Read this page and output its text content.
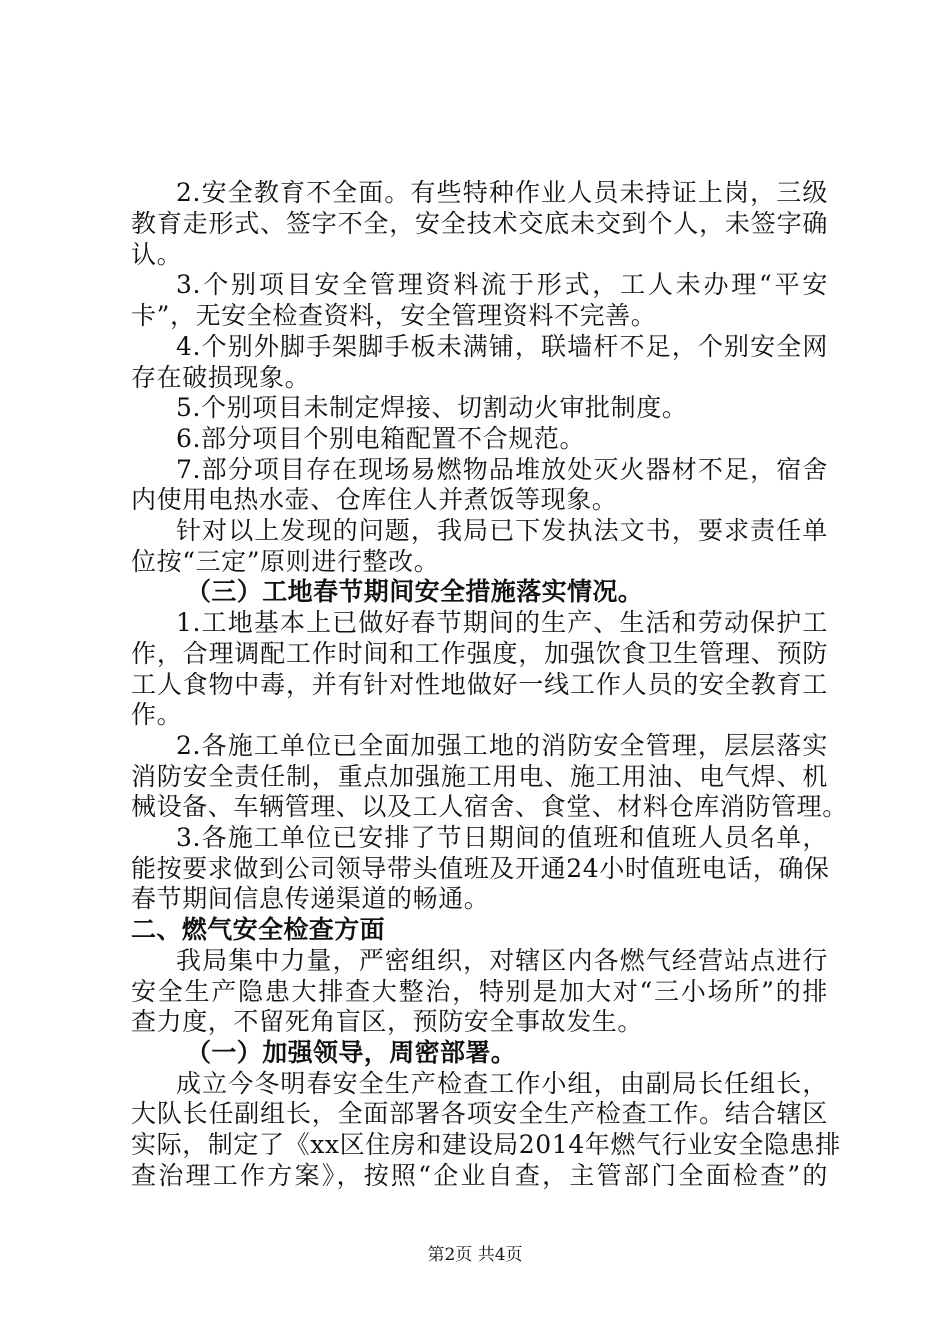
2.安全教育不全面。有些特种作业人员未持证上岗，三级
教育走形式、签字不全，安全技术交底未交到个人，未签字确
认。
3.个别项目安全管理资料流于形式，工人未办理“平安
卡”，无安全检查资料，安全管理资料不完善。
4.个别外脚手架脚手板未满铺，联墙杆不足，个别安全网
存在破损现象。
5.个别项目未制定焊接、切割动火审批制度。
6.部分项目个别电箱配置不合规范。
7.部分项目存在现场易燃物品堆放处灭火器材不足，宿舍
内使用电热水壶、仓库住人并煮饭等现象。
针对以上发现的问题，我局已下发执法文书，要求责任单
位按“三定”原则进行整改。
（三）工地春节期间安全措施落实情况。
1.工地基本上已做好春节期间的生产、生活和劳动保护工
作，合理调配工作时间和工作强度，加强饮食卫生管理、预防
工人食物中毒，并有针对性地做好一线工作人员的安全教育工
作。
2.各施工单位已全面加强工地的消防安全管理，层层落实
消防安全责任制，重点加强施工用电、施工用油、电气焊、机
械设备、车辆管理、以及工人宿舍、食堂、材料仓库消防管理。
3.各施工单位已安排了节日期间的值班和值班人员名单，
能按要求做到公司领导带头值班及开通24小时值班电话，确保
春节期间信息传递渠道的畅通。
二、燃气安全检查方面
我局集中力量，严密组织，对辖区内各燃气经营站点进行
安全生产隐患大排查大整治，特别是加大对“三小场所”的排
查力度，不留死角盲区，预防安全事故发生。
（一）加强领导，周密部署。
成立今冬明春安全生产检查工作小组，由副局长任组长，
大队长任副组长，全面部署各项安全生产检查工作。结合辖区
实际，制定了《xx区住房和建设局2014年燃气行业安全隐患排
查治理工作方案》，按照“企业自查，主管部门全面检查”的
第2页 共4页
